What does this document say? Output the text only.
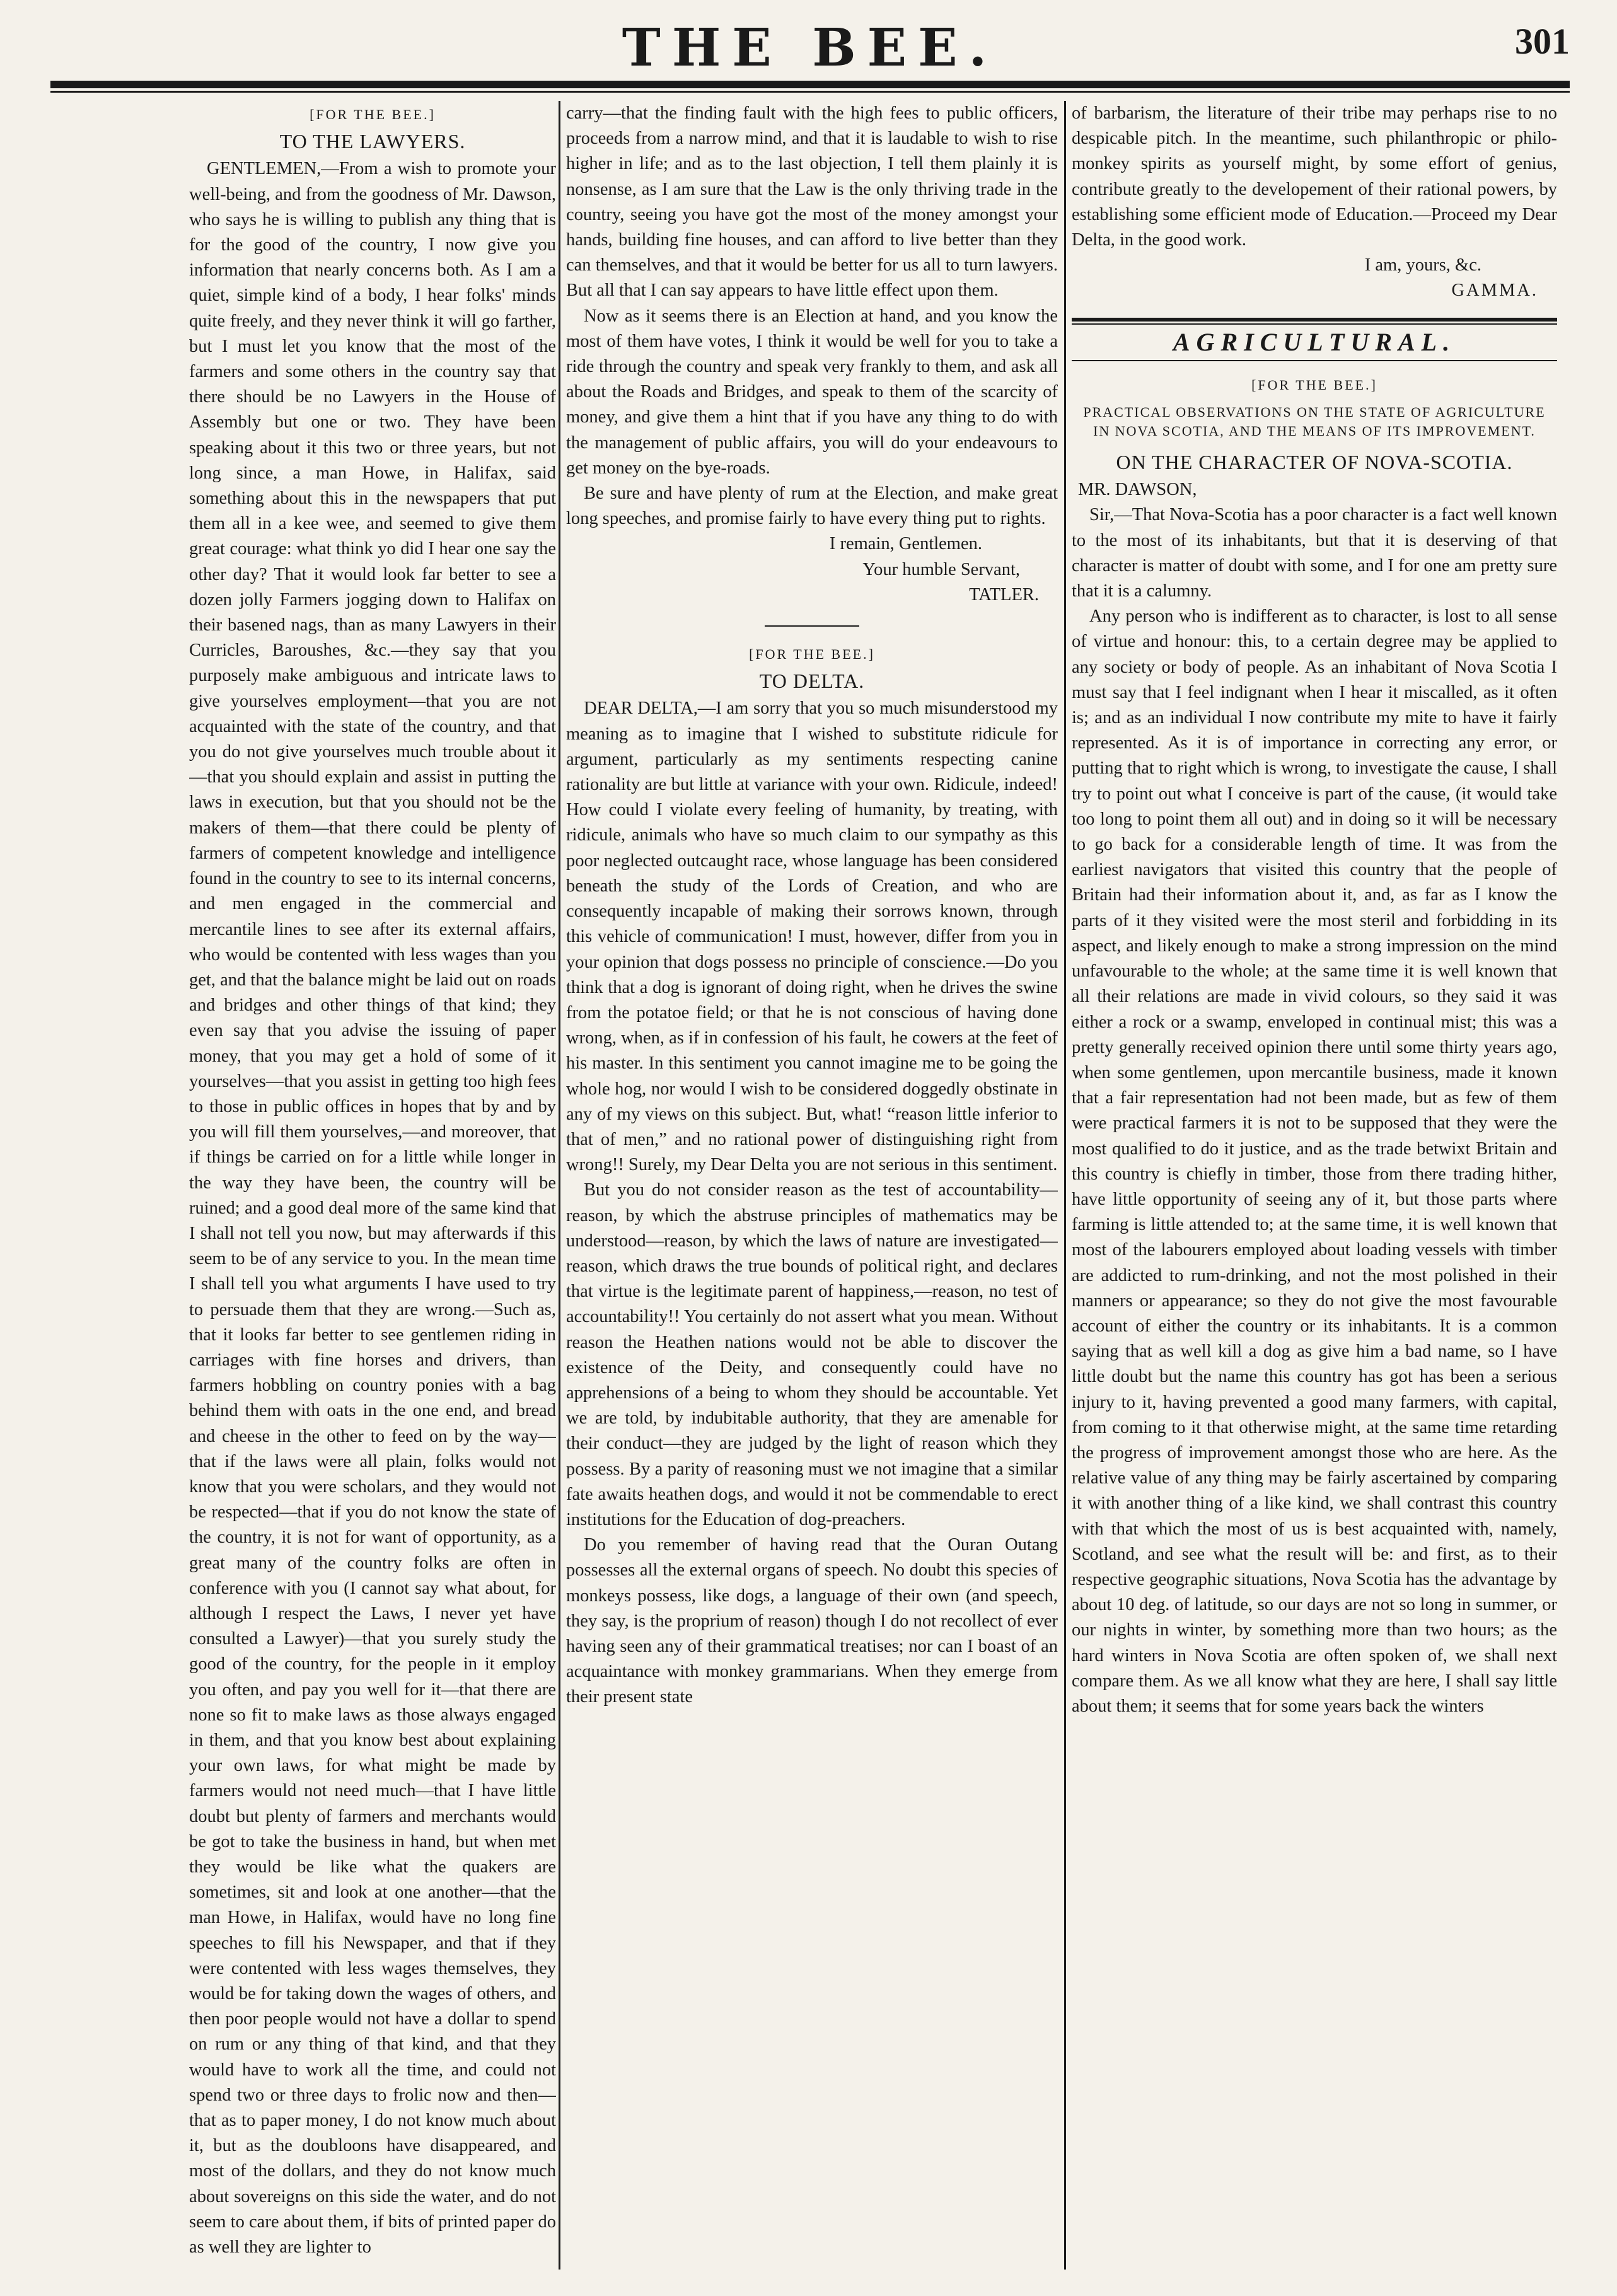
THE BEE.	301
[FOR THE BEE.]
TO THE LAWYERS.

GENTLEMEN,—From a wish to promote your well-being, and from the goodness of Mr. Dawson, who says he is willing to publish any thing that is for the good of the country, I now give you information that nearly concerns both. As I am a quiet, simple kind of a body, I hear folks' minds quite freely, and they never think it will go farther, but I must let you know that the most of the farmers and some others in the country say that there should be no Lawyers in the House of Assembly but one or two. They have been speaking about it this two or three years, but not long since, a man Howe, in Halifax, said something about this in the newspapers that put them all in a kee wee, and seemed to give them great courage: what think yo did I hear one say the other day? That it would look far better to see a dozen jolly Farmers jogging down to Halifax on their basened nags, than as many Lawyers in their Curricles, Baroushes, &c.—they say that you purposely make ambiguous and intricate laws to give yourselves employment—that you are not acquainted with the state of the country, and that you do not give yourselves much trouble about it—that you should explain and assist in putting the laws in execution, but that you should not be the makers of them—that there could be plenty of farmers of competent knowledge and intelligence found in the country to see to its internal concerns, and men engaged in the commercial and mercantile lines to see after its external affairs, who would be contented with less wages than you get, and that the balance might be laid out on roads and bridges and other things of that kind; they even say that you advise the issuing of paper money, that you may get a hold of some of it yourselves—that you assist in getting too high fees to those in public offices in hopes that by and by you will fill them yourselves,—and moreover, that if things be carried on for a little while longer in the way they have been, the country will be ruined; and a good deal more of the same kind that I shall not tell you now, but may afterwards if this seem to be of any service to you. In the mean time I shall tell you what arguments I have used to try to persuade them that they are wrong.—Such as, that it looks far better to see gentlemen riding in carriages with fine horses and drivers, than farmers hobbling on country ponies with a bag behind them with oats in the one end, and bread and cheese in the other to feed on by the way—that if the laws were all plain, folks would not know that you were scholars, and they would not be respected—that if you do not know the state of the country, it is not for want of opportunity, as a great many of the country folks are often in conference with you (I cannot say what about, for although I respect the Laws, I never yet have consulted a Lawyer)—that you surely study the good of the country, for the people in it employ you often, and pay you well for it—that there are none so fit to make laws as those always engaged in them, and that you know best about explaining your own laws, for what might be made by farmers would not need much—that I have little doubt but plenty of farmers and merchants would be got to take the business in hand, but when met they would be like what the quakers are sometimes, sit and look at one another—that the man Howe, in Halifax, would have no long fine speeches to fill his Newspaper, and that if they were contented with less wages themselves, they would be for taking down the wages of others, and then poor people would not have a dollar to spend on rum or any thing of that kind, and that they would have to work all the time, and could not spend two or three days to frolic now and then—that as to paper money, I do not know much about it, but as the doubloons have disappeared, and most of the dollars, and they do not know much about sovereigns on this side the water, and do not seem to care about them, if bits of printed paper do as well they are lighter to

carry—that the finding fault with the high fees to public officers, proceeds from a narrow mind, and that it is laudable to wish to rise higher in life; and as to the last objection, I tell them plainly it is nonsense, as I am sure that the Law is the only thriving trade in the country, seeing you have got the most of the money amongst your hands, building fine houses, and can afford to live better than they can themselves, and that it would be better for us all to turn lawyers. But all that I can say appears to have little effect upon them.

Now as it seems there is an Election at hand, and you know the most of them have votes, I think it would be well for you to take a ride through the country and speak very frankly to them, and ask all about the Roads and Bridges, and speak to them of the scarcity of money, and give them a hint that if you have any thing to do with the management of public affairs, you will do your endeavours to get money on the bye-roads.

Be sure and have plenty of rum at the Election, and make great long speeches, and promise fairly to have every thing put to rights.

I remain, Gentlemen.
Your humble Servant,
TATLER.
[FOR THE BEE.]
TO DELTA.

DEAR DELTA,—I am sorry that you so much misunderstood my meaning as to imagine that I wished to substitute ridicule for argument, particularly as my sentiments respecting canine rationality are but little at variance with your own. Ridicule, indeed! How could I violate every feeling of humanity, by treating, with ridicule, animals who have so much claim to our sympathy as this poor neglected outcaught race, whose language has been considered beneath the study of the Lords of Creation, and who are consequently incapable of making their sorrows known, through this vehicle of communication! I must, however, differ from you in your opinion that dogs possess no principle of conscience.—Do you think that a dog is ignorant of doing right, when he drives the swine from the potatoe field; or that he is not conscious of having done wrong, when, as if in confession of his fault, he cowers at the feet of his master. In this sentiment you cannot imagine me to be going the whole hog, nor would I wish to be considered doggedly obstinate in any of my views on this subject. But, what! “reason little inferior to that of men,” and no rational power of distinguishing right from wrong!! Surely, my Dear Delta you are not serious in this sentiment.

But you do not consider reason as the test of accountability—reason, by which the abstruse principles of mathematics may be understood—reason, by which the laws of nature are investigated—reason, which draws the true bounds of political right, and declares that virtue is the legitimate parent of happiness,—reason, no test of accountability!! You certainly do not assert what you mean. Without reason the Heathen nations would not be able to discover the existence of the Deity, and consequently could have no apprehensions of a being to whom they should be accountable. Yet we are told, by indubitable authority, that they are amenable for their conduct—they are judged by the light of reason which they possess. By a parity of reasoning must we not imagine that a similar fate awaits heathen dogs, and would it not be commendable to erect institutions for the Education of dog-preachers.

Do you remember of having read that the Ouran Outang possesses all the external organs of speech. No doubt this species of monkeys possess, like dogs, a language of their own (and speech, they say, is the proprium of reason) though I do not recollect of ever having seen any of their grammatical treatises; nor can I boast of an acquaintance with monkey grammarians. When they emerge from their present state

of barbarism, the literature of their tribe may perhaps rise to no despicable pitch. In the meantime, such philanthropic or philo-monkey spirits as yourself might, by some effort of genius, contribute greatly to the developement of their rational powers, by establishing some efficient mode of Education.—Proceed my Dear Delta, in the good work.

I am, yours, &c.
GAMMA.
AGRICULTURAL.
[FOR THE BEE.]
PRACTICAL OBSERVATIONS ON THE STATE OF AGRICULTURE IN NOVA SCOTIA, AND THE MEANS OF ITS IMPROVEMENT.
ON THE CHARACTER OF NOVA-SCOTIA.
MR. DAWSON,

Sir,—That Nova-Scotia has a poor character is a fact well known to the most of its inhabitants, but that it is deserving of that character is matter of doubt with some, and I for one am pretty sure that it is a calumny.

Any person who is indifferent as to character, is lost to all sense of virtue and honour: this, to a certain degree may be applied to any society or body of people. As an inhabitant of Nova Scotia I must say that I feel indignant when I hear it miscalled, as it often is; and as an individual I now contribute my mite to have it fairly represented. As it is of importance in correcting any error, or putting that to right which is wrong, to investigate the cause, I shall try to point out what I conceive is part of the cause, (it would take too long to point them all out) and in doing so it will be necessary to go back for a considerable length of time. It was from the earliest navigators that visited this country that the people of Britain had their information about it, and, as far as I know the parts of it they visited were the most steril and forbidding in its aspect, and likely enough to make a strong impression on the mind unfavourable to the whole; at the same time it is well known that all their relations are made in vivid colours, so they said it was either a rock or a swamp, enveloped in continual mist; this was a pretty generally received opinion there until some thirty years ago, when some gentlemen, upon mercantile business, made it known that a fair representation had not been made, but as few of them were practical farmers it is not to be supposed that they were the most qualified to do it justice, and as the trade betwixt Britain and this country is chiefly in timber, those from there trading hither, have little opportunity of seeing any of it, but those parts where farming is little attended to; at the same time, it is well known that most of the labourers employed about loading vessels with timber are addicted to rum-drinking, and not the most polished in their manners or appearance; so they do not give the most favourable account of either the country or its inhabitants. It is a common saying that as well kill a dog as give him a bad name, so I have little doubt but the name this country has got has been a serious injury to it, having prevented a good many farmers, with capital, from coming to it that otherwise might, at the same time retarding the progress of improvement amongst those who are here. As the relative value of any thing may be fairly ascertained by comparing it with another thing of a like kind, we shall contrast this country with that which the most of us is best acquainted with, namely, Scotland, and see what the result will be: and first, as to their respective geographic situations, Nova Scotia has the advantage by about 10 deg. of latitude, so our days are not so long in summer, or our nights in winter, by something more than two hours; as the hard winters in Nova Scotia are often spoken of, we shall next compare them. As we all know what they are here, I shall say little about them; it seems that for some years back the winters
